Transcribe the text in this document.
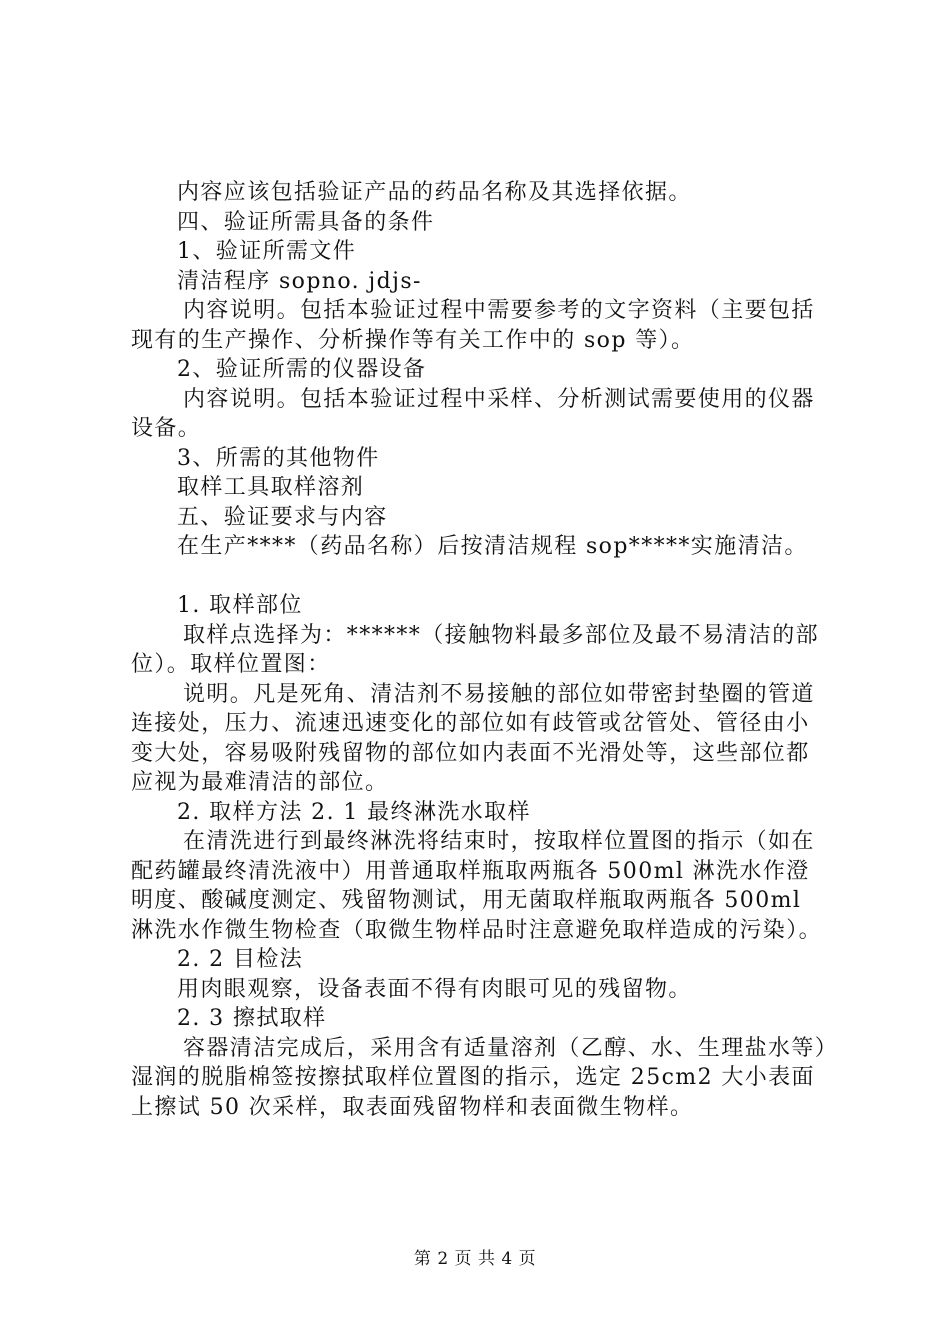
内容应该包括验证产品的药品名称及其选择依据。

四、验证所需具备的条件

1、验证所需文件

清洁程序 sopno. jdjs-

内容说明。包括本验证过程中需要参考的文字资料（主要包括现有的生产操作、分析操作等有关工作中的 sop 等）。

2、验证所需的仪器设备

内容说明。包括本验证过程中采样、分析测试需要使用的仪器设备。

3、所需的其他物件

取样工具取样溶剂

五、验证要求与内容

在生产****（药品名称）后按清洁规程 sop*****实施清洁。

1. 取样部位

取样点选择为：******（接触物料最多部位及最不易清洁的部位）。取样位置图：

说明。凡是死角、清洁剂不易接触的部位如带密封垫圈的管道连接处，压力、流速迅速变化的部位如有歧管或岔管处、管径由小变大处，容易吸附残留物的部位如内表面不光滑处等，这些部位都应视为最难清洁的部位。

2. 取样方法 2. 1 最终淋洗水取样

在清洗进行到最终淋洗将结束时，按取样位置图的指示（如在配药罐最终清洗液中）用普通取样瓶取两瓶各 500ml 淋洗水作澄明度、酸碱度测定、残留物测试，用无菌取样瓶取两瓶各 500ml 淋洗水作微生物检查（取微生物样品时注意避免取样造成的污染）。

2. 2 目检法

用肉眼观察，设备表面不得有肉眼可见的残留物。

2. 3 擦拭取样

容器清洁完成后，采用含有适量溶剂（乙醇、水、生理盐水等）湿润的脱脂棉签按擦拭取样位置图的指示，选定 25cm2 大小表面上擦试 50 次采样，取表面残留物样和表面微生物样。

第 2 页 共 4 页
